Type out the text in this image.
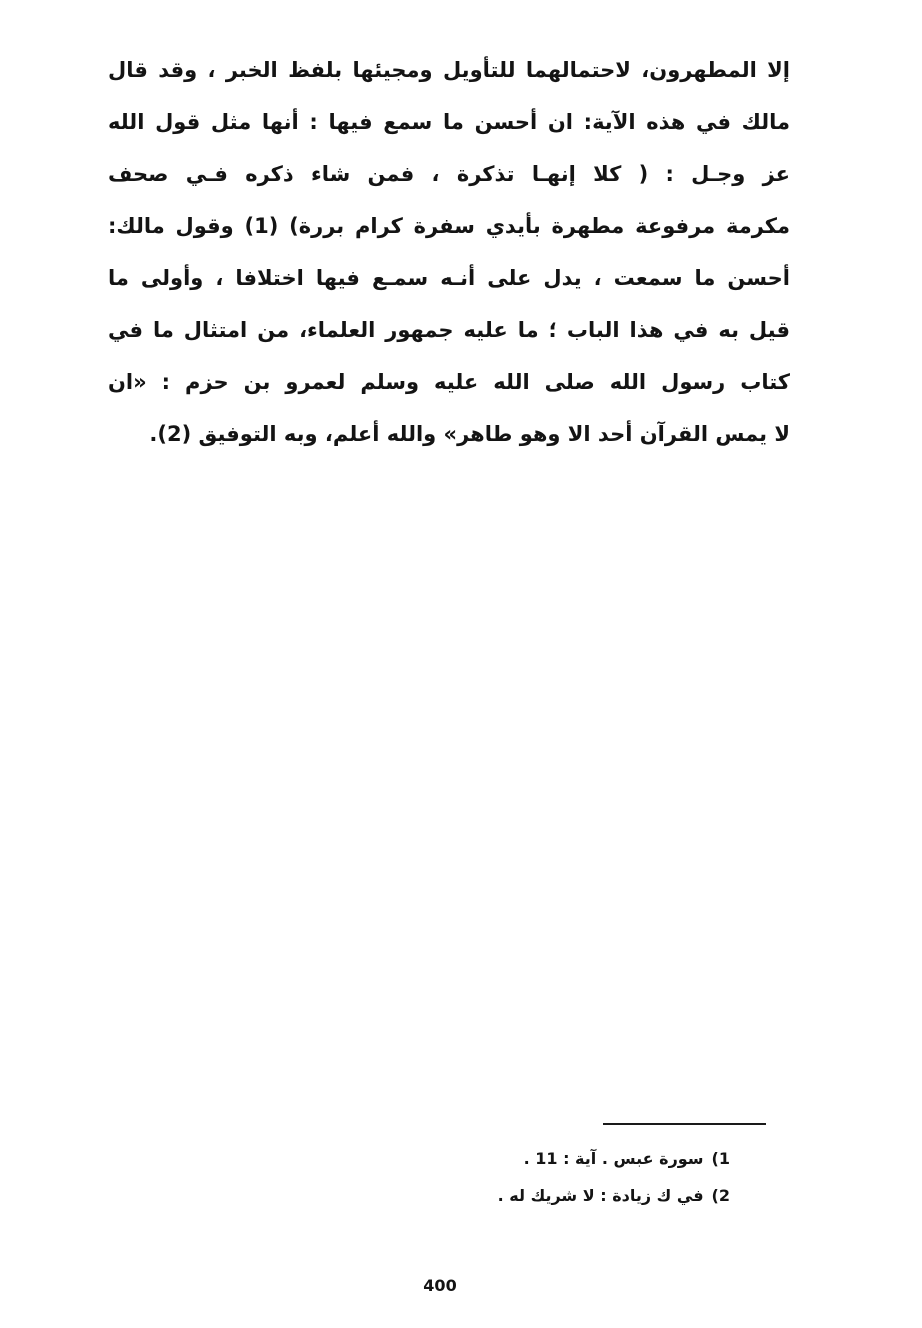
إلا المطهرون، لاحتمالهما للتأويل ومجيئها بلفظ الخبر ، وقد قال
مالك في هذه الآية: ان أحسن ما سمع فيها : أنها مثل قول الله
عز وجـل : ( كلا إنهـا تذكرة ، فمن شاء ذكره فـي صحف
مكرمة مرفوعة مطهرة بأيدي سفرة كرام بررة) (1) وقول مالك:
أحسن ما سمعت ، يدل على أنـه سمـع فيها اختلافا ، وأولى ما
قيل به في هذا الباب ؛ ما عليه جمهور العلماء، من امتثال ما في
كتاب رسول الله صلى الله عليه وسلم لعمرو بن حزم : «ان
لا يمس القرآن أحد الا وهو طاهر» والله أعلم، وبه التوفيق (2).
1)سورة عبس . آية : 11 .
2)في ك زيادة : لا شريك له .
400
